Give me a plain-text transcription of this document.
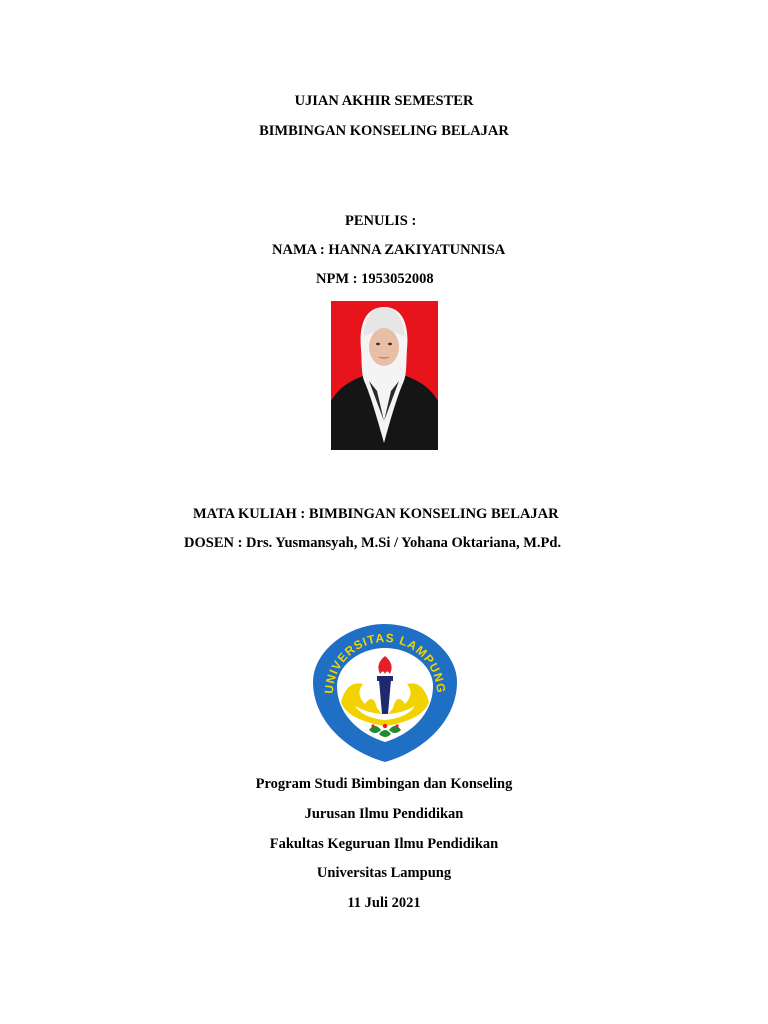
UJIAN AKHIR SEMESTER
BIMBINGAN KONSELING BELAJAR
PENULIS :
NAMA : HANNA ZAKIYATUNNISA
NPM : 1953052008
MATA KULIAH : BIMBINGAN KONSELING BELAJAR
DOSEN : Drs. Yusmansyah, M.Si / Yohana Oktariana, M.Pd.
UNIVERSITAS LAMPUNG
Program Studi Bimbingan dan Konseling
Jurusan Ilmu Pendidikan
Fakultas Keguruan Ilmu Pendidikan
Universitas Lampung
11 Juli 2021
